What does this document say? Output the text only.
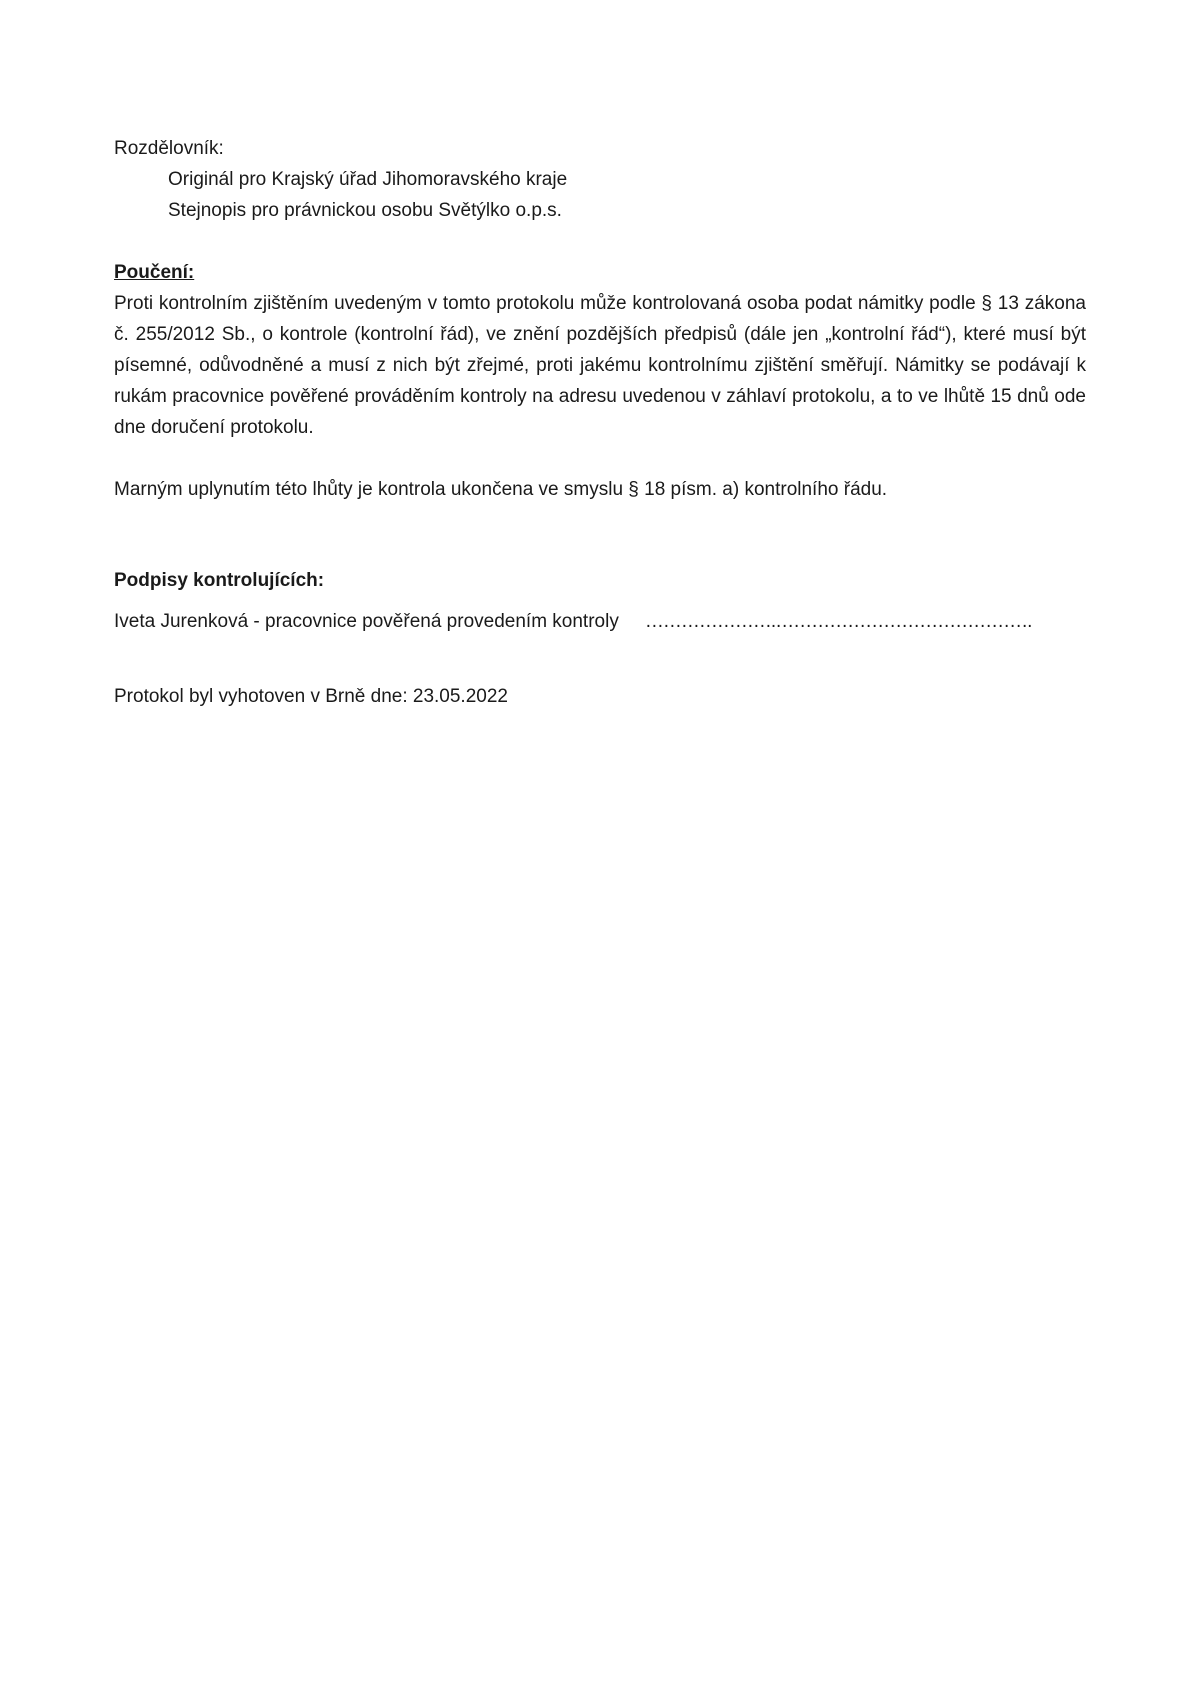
Rozdělovník:
Originál pro Krajský úřad Jihomoravského kraje
Stejnopis pro právnickou osobu Světýlko o.p.s.
Poučení:
Proti kontrolním zjištěním uvedeným v tomto protokolu může kontrolovaná osoba podat námitky podle § 13 zákona č. 255/2012 Sb., o kontrole (kontrolní řád), ve znění pozdějších předpisů (dále jen „kontrolní řád“), které musí být písemné, odůvodněné a musí z nich být zřejmé, proti jakému kontrolnímu zjištění směřují. Námitky se podávají k rukám pracovnice pověřené prováděním kontroly na adresu uvedenou v záhlaví protokolu, a to ve lhůtě 15 dnů ode dne doručení protokolu.
Marným uplynutím této lhůty je kontrola ukončena ve smyslu § 18 písm. a) kontrolního řádu.
Podpisy kontrolujících:
Iveta Jurenková - pracovnice pověřená provedením kontroly ………………….…………………………………….
Protokol byl vyhotoven v Brně dne: 23.05.2022
